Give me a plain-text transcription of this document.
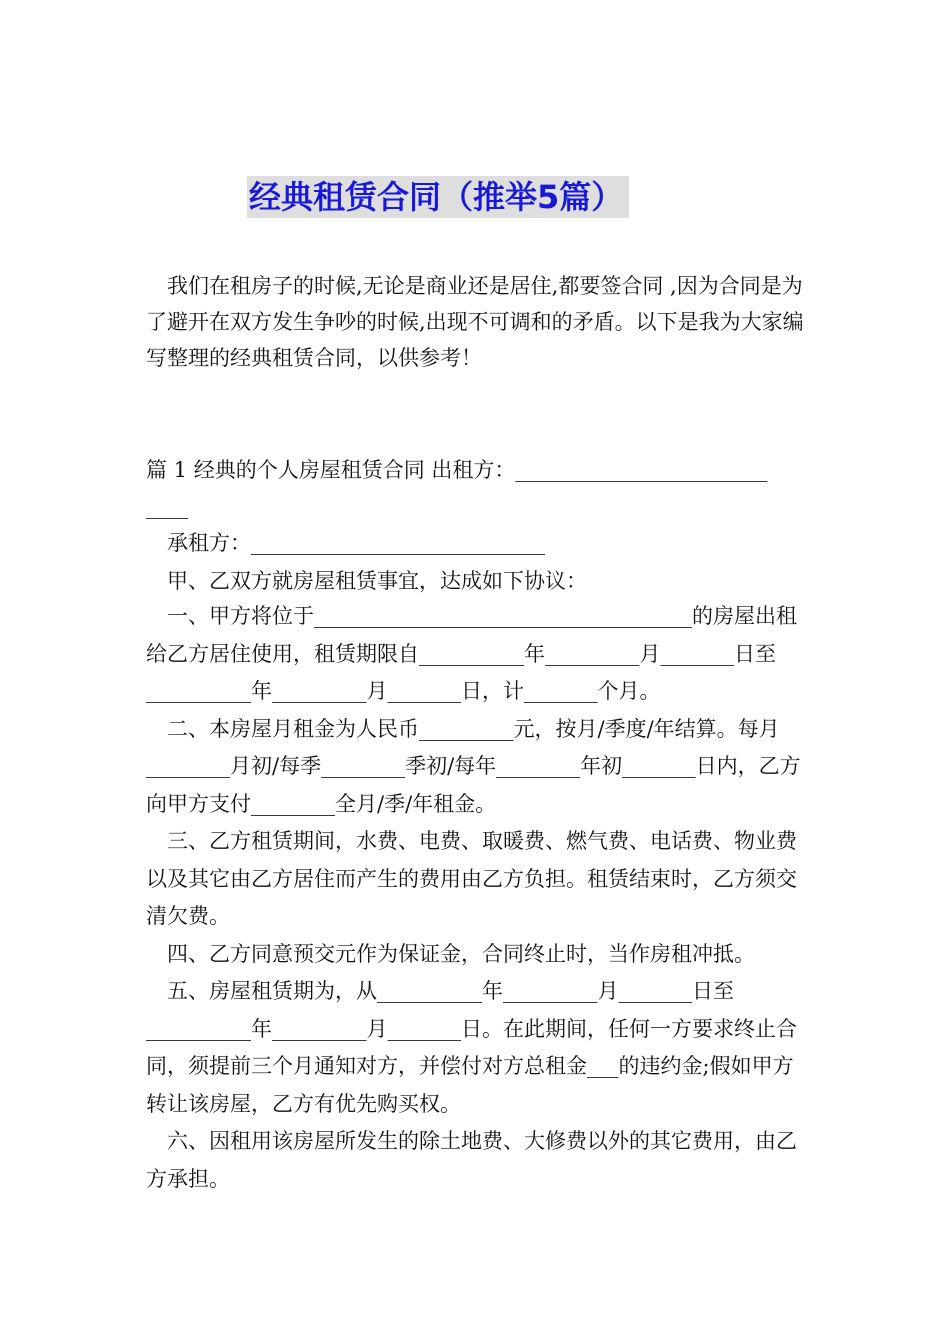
经典租赁合同（推举5篇）

我们在租房子的时候,无论是商业还是居住,都要签合同 ,因为合同是为了避开在双方发生争吵的时候,出现不可调和的矛盾。以下是我为大家编写整理的经典租赁合同，以供参考！

篇 1 经典的个人房屋租赁合同 出租方：________________________
____
承租方：____________________________
甲、乙双方就房屋租赁事宜，达成如下协议：

一、甲方将位于____________________________________的房屋出租给乙方居住使用，租赁期限自__________年_________月_______日至__________年_________月_______日，计_______个月。

二、本房屋月租金为人民币_________元，按月/季度/年结算。每月________月初/每季________季初/每年________年初_______日内，乙方向甲方支付________全月/季/年租金。

三、乙方租赁期间，水费、电费、取暖费、燃气费、电话费、物业费以及其它由乙方居住而产生的费用由乙方负担。租赁结束时，乙方须交清欠费。

四、乙方同意预交元作为保证金，合同终止时，当作房租冲抵。

五、房屋租赁期为，从__________年_________月_______日至__________年_________月_______日。在此期间，任何一方要求终止合同，须提前三个月通知对方，并偿付对方总租金___的违约金;假如甲方转让该房屋，乙方有优先购买权。

六、因租用该房屋所发生的除土地费、大修费以外的其它费用，由乙方承担。
